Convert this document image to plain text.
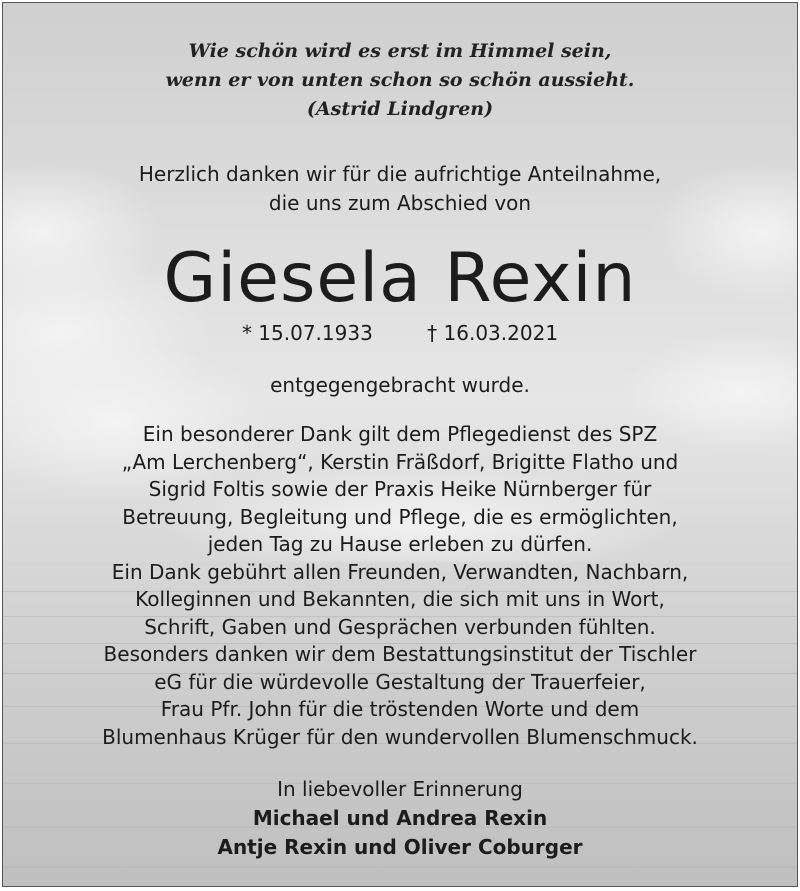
Wie schön wird es erst im Himmel sein,
wenn er von unten schon so schön aussieht.
(Astrid Lindgren)
Herzlich danken wir für die aufrichtige Anteilnahme,
die uns zum Abschied von
Giesela Rexin
* 15.07.1933	† 16.03.2021
entgegengebracht wurde.
Ein besonderer Dank gilt dem Pflegedienst des SPZ
„Am Lerchenberg“, Kerstin Fräßdorf, Brigitte Flatho und
Sigrid Foltis sowie der Praxis Heike Nürnberger für
Betreuung, Begleitung und Pflege, die es ermöglichten,
jeden Tag zu Hause erleben zu dürfen.
Ein Dank gebührt allen Freunden, Verwandten, Nachbarn,
Kolleginnen und Bekannten, die sich mit uns in Wort,
Schrift, Gaben und Gesprächen verbunden fühlten.
Besonders danken wir dem Bestattungsinstitut der Tischler
eG für die würdevolle Gestaltung der Trauerfeier,
Frau Pfr. John für die tröstenden Worte und dem
Blumenhaus Krüger für den wundervollen Blumenschmuck.
In liebevoller Erinnerung
Michael und Andrea Rexin
Antje Rexin und Oliver Coburger
